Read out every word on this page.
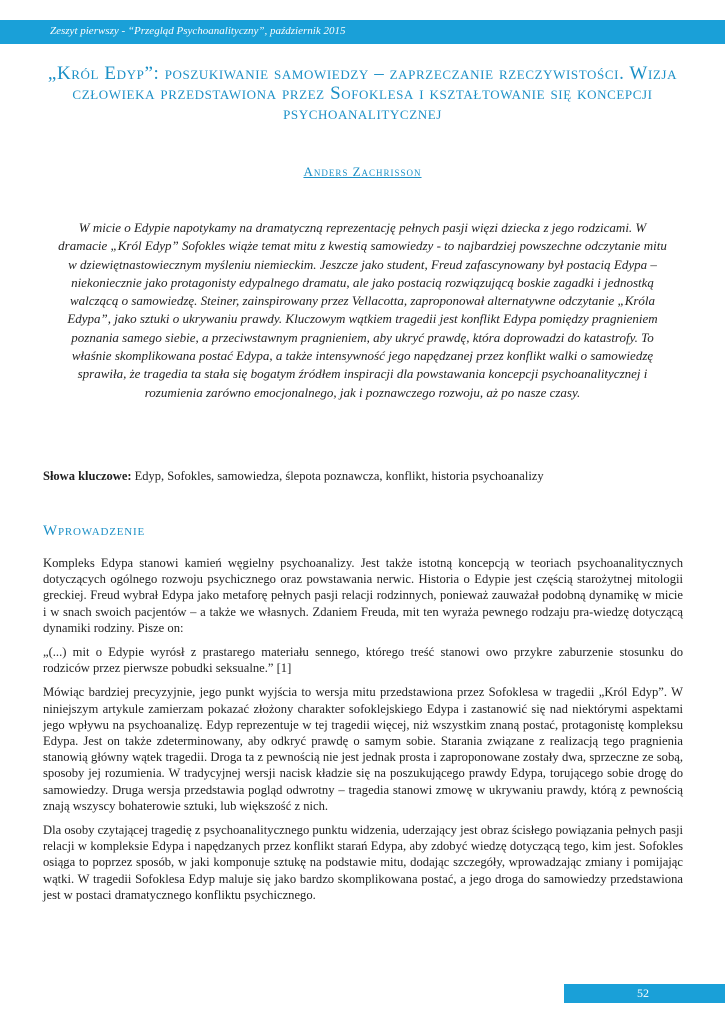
Zeszyt pierwszy - “Przegląd Psychoanalityczny”, październik 2015
„Król Edyp”: poszukiwanie samowiedzy – zaprzeczanie rzeczywistości. Wizja człowieka przedstawiona przez Sofoklesa i kształtowanie się koncepcji psychoanalitycznej
Anders Zachrisson

W micie o Edypie napotykamy na dramatyczną reprezentację pełnych pasji więzi dziecka z jego rodzicami. W dramacie „Król Edyp” Sofokles wiąże temat mitu z kwestią samowiedzy - to najbardziej powszechne odczytanie mitu w dziewiętnastowiecznym myśleniu niemieckim. Jeszcze jako student, Freud zafascynowany był postacią Edypa – niekoniecznie jako protagonisty edypalnego dramatu, ale jako postacią rozwiązującą boskie zagadki i jednostką walczącą o samowiedzę. Steiner, zainspirowany przez Vellacotta, zaproponował alternatywne odczytanie „Króla Edypa”, jako sztuki o ukrywaniu prawdy. Kluczowym wątkiem tragedii jest konflikt Edypa pomiędzy pragnieniem poznania samego siebie, a przeciwstawnym pragnieniem, aby ukryć prawdę, która doprowadzi do katastrofy. To właśnie skomplikowana postać Edypa, a także intensywność jego napędzanej przez konflikt walki o samowiedzę sprawiła, że tragedia ta stała się bogatym źródłem inspiracji dla powstawania koncepcji psychoanalitycznej i rozumienia zarówno emocjonalnego, jak i poznawczego rozwoju, aż po nasze czasy.

Słowa kluczowe: Edyp, Sofokles, samowiedza, ślepota poznawcza, konflikt, historia psychoanalizy

Wprowadzenie

Kompleks Edypa stanowi kamień węgielny psychoanalizy. Jest także istotną koncepcją w teoriach psychoanalitycznych dotyczących ogólnego rozwoju psychicznego oraz powstawania nerwic. Historia o Edypie jest częścią starożytnej mitologii greckiej. Freud wybrał Edypa jako metaforę pełnych pasji relacji rodzinnych, ponieważ zauważał podobną dynamikę w micie i w snach swoich pacjentów – a także we własnych. Zdaniem Freuda, mit ten wyraża pewnego rodzaju pra-wiedzę dotyczącą dynamiki rodziny. Pisze on:

„(...) mit o Edypie wyrósł z prastarego materiału sennego, którego treść stanowi owo przykre zaburzenie stosunku do rodziców przez pierwsze pobudki seksualne.” [1]

Mówiąc bardziej precyzyjnie, jego punkt wyjścia to wersja mitu przedstawiona przez Sofoklesa w tragedii „Król Edyp”. W niniejszym artykule zamierzam pokazać złożony charakter sofoklejskiego Edypa i zastanowić się nad niektórymi aspektami jego wpływu na psychoanalizę. Edyp reprezentuje w tej tragedii więcej, niż wszystkim znaną postać, protagonistę kompleksu Edypa. Jest on także zdeterminowany, aby odkryć prawdę o samym sobie. Starania związane z realizacją tego pragnienia stanowią główny wątek tragedii. Droga ta z pewnością nie jest jednak prosta i zaproponowane zostały dwa, sprzeczne ze sobą, sposoby jej rozumienia. W tradycyjnej wersji nacisk kładzie się na poszukującego prawdy Edypa, torującego sobie drogę do samowiedzy. Druga wersja przedstawia pogląd odwrotny – tragedia stanowi zmowę w ukrywaniu prawdy, którą z pewnością znają wszyscy bohaterowie sztuki, lub większość z nich.

Dla osoby czytającej tragedię z psychoanalitycznego punktu widzenia, uderzający jest obraz ścisłego powiązania pełnych pasji relacji w kompleksie Edypa i napędzanych przez konflikt starań Edypa, aby zdobyć wiedzę dotyczącą tego, kim jest. Sofokles osiąga to poprzez sposób, w jaki komponuje sztukę na podstawie mitu, dodając szczegóły, wprowadzając zmiany i pomijając wątki. W tragedii Sofoklesa Edyp maluje się jako bardzo skomplikowana postać, a jego droga do samowiedzy przedstawiona jest w postaci dramatycznego konfliktu psychicznego.

52
